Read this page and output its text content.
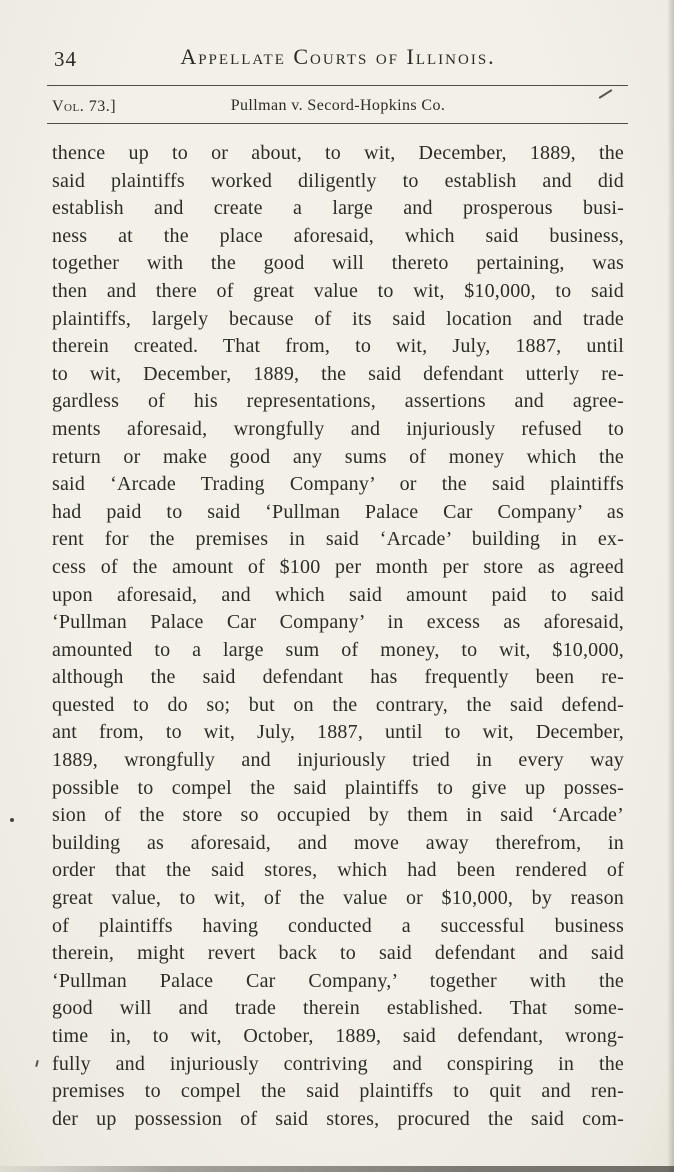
34	Appellate Courts of Illinois.
Vol. 73.]	Pullman v. Secord-Hopkins Co.
thence up to or about, to wit, December, 1889, the
said plaintiffs worked diligently to establish and did
establish and create a large and prosperous busi-
ness at the place aforesaid, which said business,
together with the good will thereto pertaining, was
then and there of great value to wit, $10,000, to said
plaintiffs, largely because of its said location and trade
therein created. That from, to wit, July, 1887, until
to wit, December, 1889, the said defendant utterly re-
gardless of his representations, assertions and agree-
ments aforesaid, wrongfully and injuriously refused to
return or make good any sums of money which the
said ‘Arcade Trading Company’ or the said plaintiffs
had paid to said ‘Pullman Palace Car Company’ as
rent for the premises in said ‘Arcade’ building in ex-
cess of the amount of $100 per month per store as agreed
upon aforesaid, and which said amount paid to said
‘Pullman Palace Car Company’ in excess as aforesaid,
amounted to a large sum of money, to wit, $10,000,
although the said defendant has frequently been re-
quested to do so; but on the contrary, the said defend-
ant from, to wit, July, 1887, until to wit, December,
1889, wrongfully and injuriously tried in every way
possible to compel the said plaintiffs to give up posses-
sion of the store so occupied by them in said ‘Arcade’
building as aforesaid, and move away therefrom, in
order that the said stores, which had been rendered of
great value, to wit, of the value or $10,000, by reason
of plaintiffs having conducted a successful business
therein, might revert back to said defendant and said
‘Pullman Palace Car Company,’ together with the
good will and trade therein established. That some-
time in, to wit, October, 1889, said defendant, wrong-
fully and injuriously contriving and conspiring in the
premises to compel the said plaintiffs to quit and ren-
der up possession of said stores, procured the said com-
